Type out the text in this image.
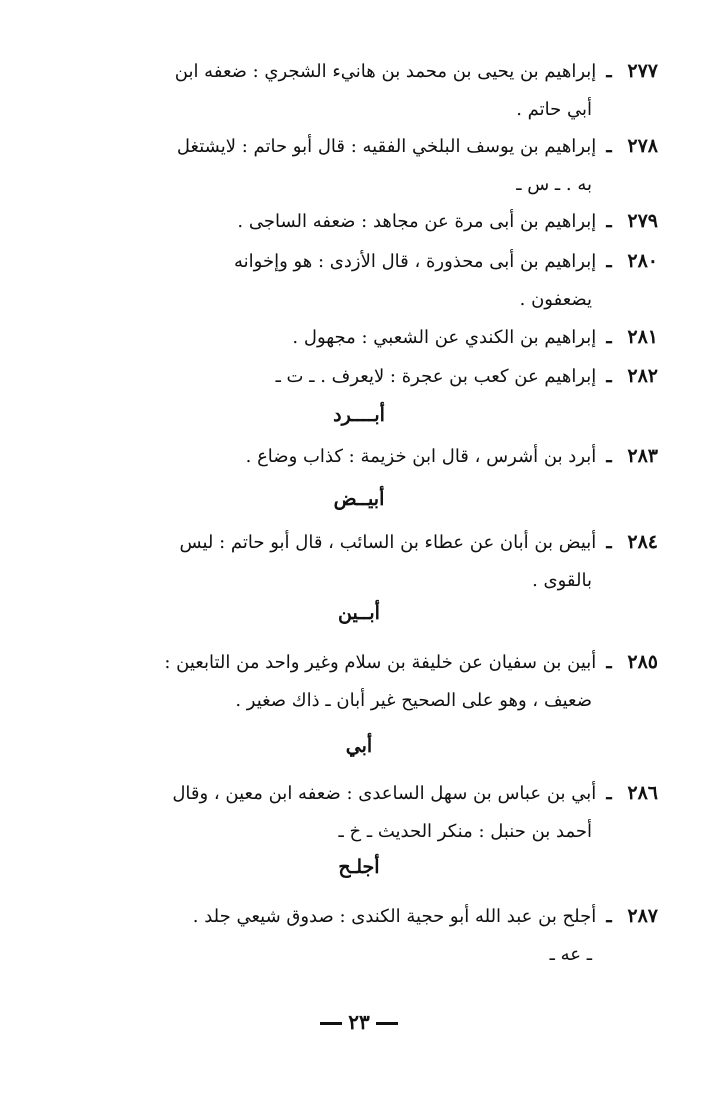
٢٧٧ـ إبراهيم بن يحيى بن محمد بن هانيء الشجري : ضعفه ابن
أبي حاتم .
٢٧٨ـ إبراهيم بن يوسف البلخي الفقيه : قال أبو حاتم : لايشتغل
به . ـ س ـ
٢٧٩ـ إبراهيم بن أبى مرة عن مجاهد : ضعفه الساجى .
٢٨٠ـ إبراهيم بن أبى محذورة ، قال الأزدى : هو وإخوانه
يضعفون .
٢٨١ـ إبراهيم بن الكندي عن الشعبي : مجهول .
٢٨٢ـ إبراهيم عن كعب بن عجرة : لايعرف . ـ ت ـ
أبــــرد
٢٨٣ـ أبرد بن أشرس ، قال ابن خزيمة : كذاب وضاع .
أبيــض
٢٨٤ـ أبيض بن أبان عن عطاء بن السائب ، قال أبو حاتم : ليس
بالقوى .
أبــين
٢٨٥ـ أبين بن سفيان عن خليفة بن سلام وغير واحد من التابعين :
ضعيف ، وهو على الصحيح غير أبان ـ ذاك صغير .
أبي
٢٨٦ـ أبي بن عباس بن سهل الساعدى : ضعفه ابن معين ، وقال
أحمد بن حنبل : منكر الحديث ـ خ ـ
أجلـح
٢٨٧ـ أجلح بن عبد الله أبو حجية الكندى : صدوق شيعي جلد .
ـ عه ـ
٢٣
